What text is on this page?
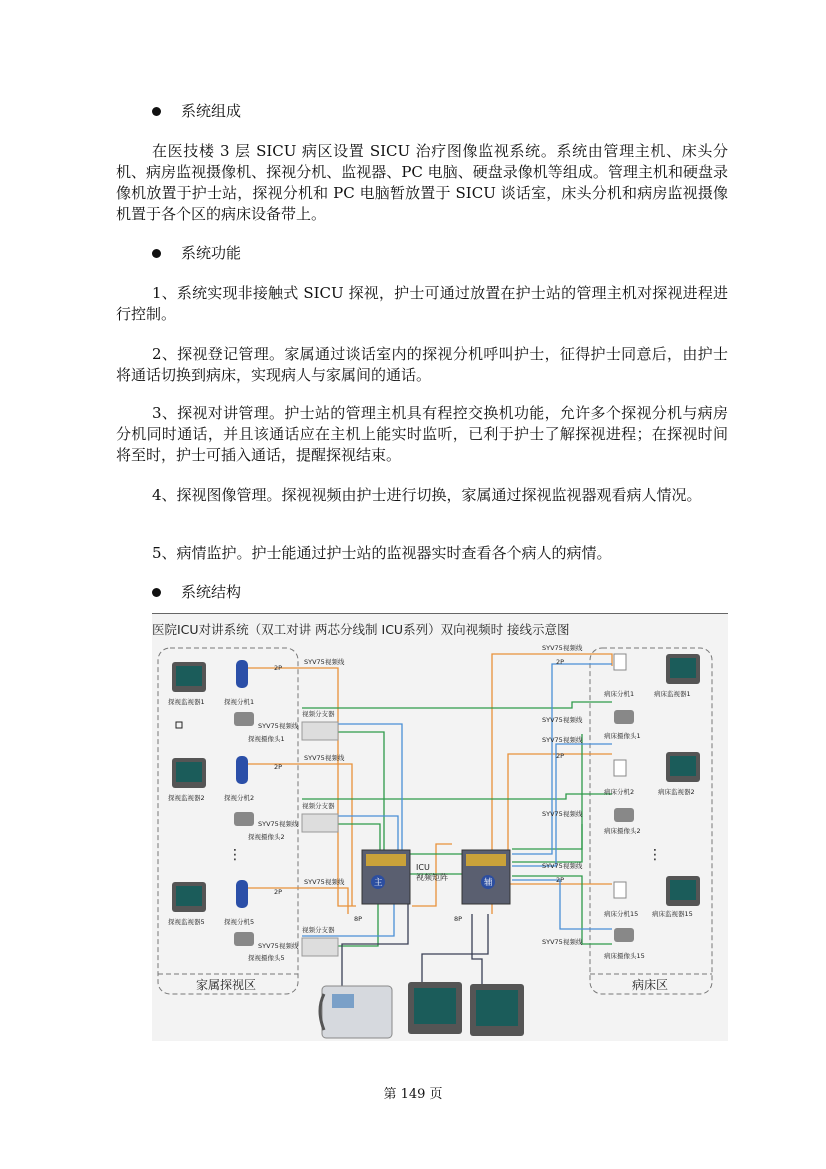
系统组成

在医技楼 3 层 SICU 病区设置 SICU 治疗图像监视系统。系统由管理主机、床头分机、病房监视摄像机、探视分机、监视器、PC 电脑、硬盘录像机等组成。管理主机和硬盘录像机放置于护士站，探视分机和 PC 电脑暂放置于 SICU 谈话室，床头分机和病房监视摄像机置于各个区的病床设备带上。

系统功能

1、系统实现非接触式 SICU 探视，护士可通过放置在护士站的管理主机对探视进程进行控制。

2、探视登记管理。家属通过谈话室内的探视分机呼叫护士，征得护士同意后，由护士将通话切换到病床，实现病人与家属间的通话。

3、探视对讲管理。护士站的管理主机具有程控交换机功能，允许多个探视分机与病房分机同时通话，并且该通话应在主机上能实时监听，已利于护士了解探视进程；在探视时间将至时，护士可插入通话，提醒探视结束。

4、探视图像管理。探视视频由护士进行切换，家属通过探视监视器观看病人情况。

5、病情监护。护士能通过护士站的监视器实时查看各个病人的病情。

系统结构
医院ICU对讲系统（双工对讲 两芯分线制 ICU系列）双向视频时 接线示意图
家属探视区	病床区
SYV75视频线
2P
SYV75视频线
SYV75视频线
2P
SYV75视频线
SYV75视频线
2P
SYV75视频线
SYV75视频线
2P
SYV75视频线
SYV75视频线
2P
SYV75视频线
SYV75视频线
2P
SYV75视频线
8P	8P
探视监视器1	探视分机1
探视摄像头1
视频分支器
探视监视器2	探视分机2
探视摄像头2
视频分支器
⋮
探视监视器5	探视分机5
探视摄像头5
视频分支器
主
ICU
视频矩阵
辅
病床分机1	病床监视器1
病床摄像头1
病床分机2	病床监视器2
病床摄像头2
⋮
病床分机15 病床监视器15
病床摄像头15
第 149 页
